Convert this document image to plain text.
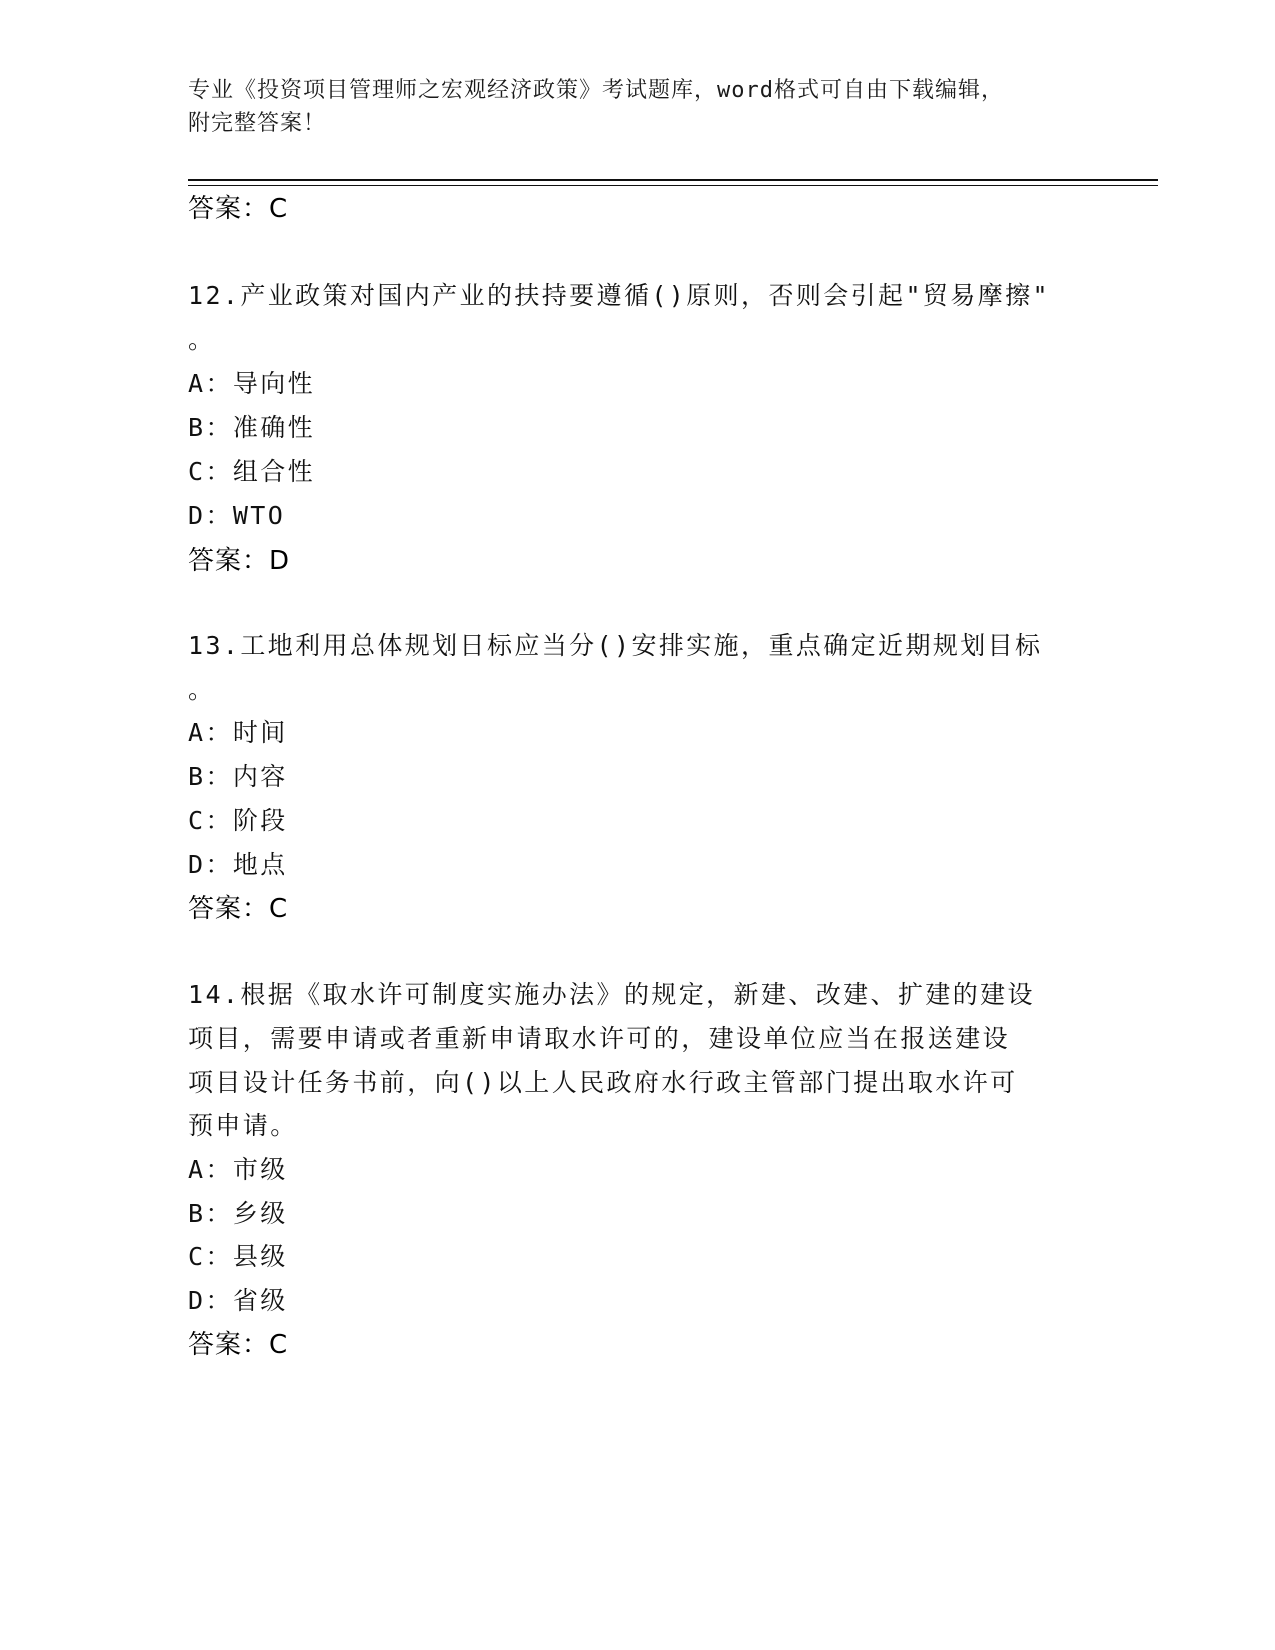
专业《投资项目管理师之宏观经济政策》考试题库，word格式可自由下载编辑，
附完整答案！
答案：C
12.产业政策对国内产业的扶持要遵循()原则，否则会引起"贸易摩擦"
。
A：导向性
B：准确性
C：组合性
D：WTO
答案：D
13.工地利用总体规划日标应当分()安排实施，重点确定近期规划目标
。
A：时间
B：内容
C：阶段
D：地点
答案：C
14.根据《取水许可制度实施办法》的规定，新建、改建、扩建的建设
项目，需要申请或者重新申请取水许可的，建设单位应当在报送建设
项目设计任务书前，向()以上人民政府水行政主管部门提出取水许可
预申请。
A：市级
B：乡级
C：县级
D：省级
答案：C
